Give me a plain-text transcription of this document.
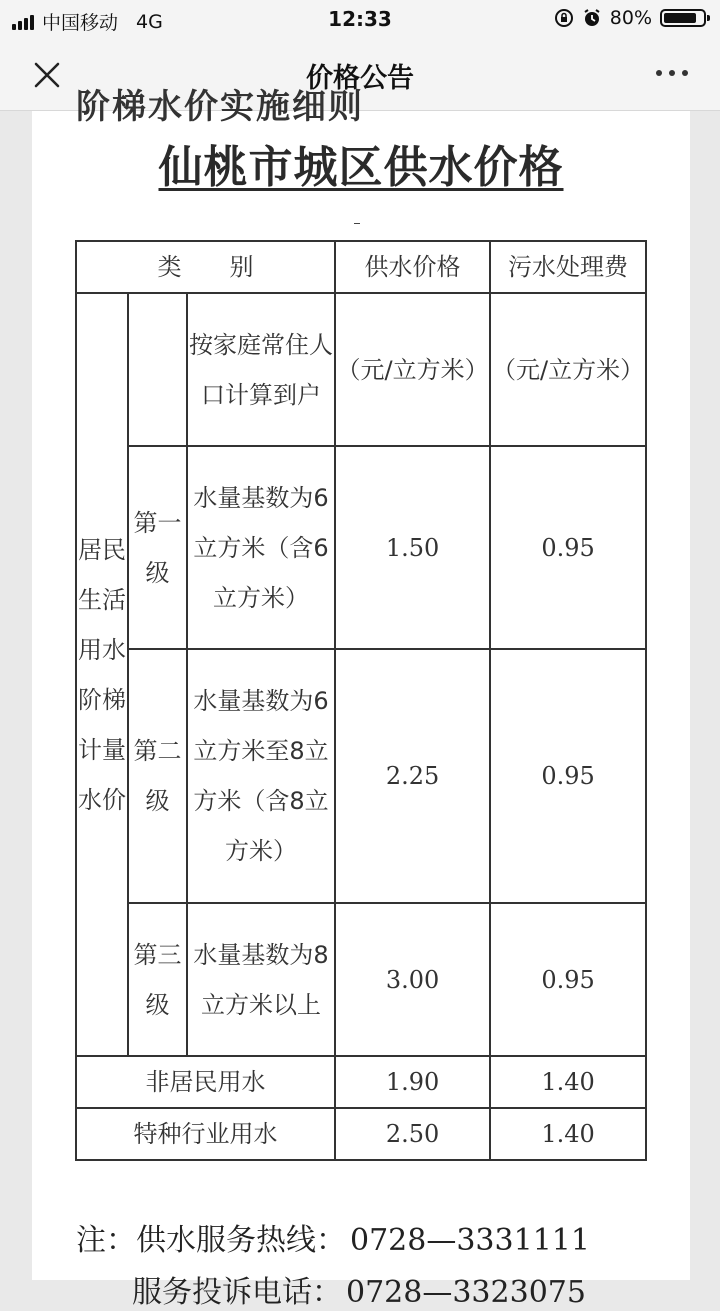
中国移动 4G	12:33	80%
价格公告
阶梯水价实施细则
仙桃市城区供水价格
类　　别			供水价格	污水处理费
居民生活用水阶梯计量水价		按家庭常住人口计算到户	（元/立方米）	（元/立方米）
	第一级	水量基数为6立方米（含6立方米）	1.50	0.95
	第二级	水量基数为6立方米至8立方米（含8立方米）	2.25	0.95
	第三级	水量基数为8立方米以上	3.00	0.95
非居民用水			1.90	1.40
特种行业用水			2.50	1.40
注：供水服务热线： 0728—3331111
服务投诉电话： 0728—3323075
